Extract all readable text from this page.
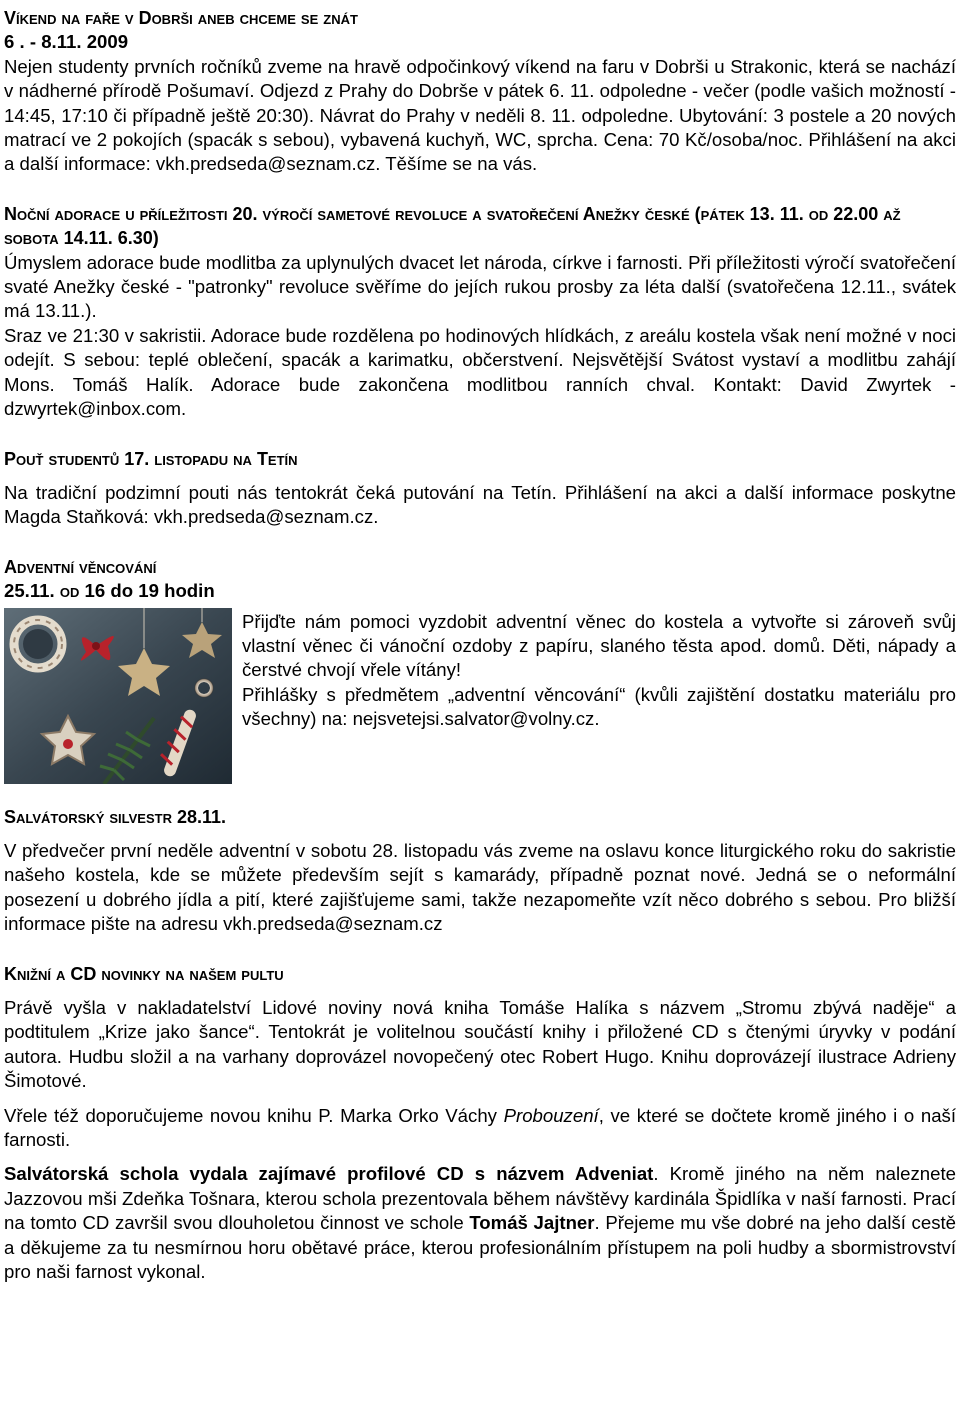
Víkend na faře v Dobrši aneb chceme se znát
6 . - 8.11. 2009

Nejen studenty prvních ročníků zveme na hravě odpočinkový víkend na faru v Dobrši u Strakonic, která se nachází v nádherné přírodě Pošumaví. Odjezd z Prahy do Dobrše v pátek 6. 11. odpoledne - večer (podle vašich možností - 14:45, 17:10 či případně ještě 20:30). Návrat do Prahy v neděli 8. 11. odpoledne. Ubytování: 3 postele a 20 nových matrací ve 2 pokojích (spacák s sebou), vybavená kuchyň, WC, sprcha. Cena: 70 Kč/osoba/noc. Přihlášení na akci a další informace: vkh.predseda@seznam.cz. Těšíme se na vás.

Noční adorace u příležitosti 20. výročí sametové revoluce a svatořečení Anežky české (pátek 13. 11. od 22.00 až sobota 14.11. 6.30)

Úmyslem adorace bude modlitba za uplynulých dvacet let národa, církve i farnosti. Při příležitosti výročí svatořečení svaté Anežky české - "patronky" revoluce svěříme do jejích rukou prosby za léta další (svatořečena 12.11., svátek má 13.11.).

Sraz ve 21:30 v sakristii. Adorace bude rozdělena po hodinových hlídkách, z areálu kostela však není možné v noci odejít. S sebou: teplé oblečení, spacák a karimatku, občerstvení. Nejsvětější Svátost vystaví a modlitbu zahájí Mons. Tomáš Halík. Adorace bude zakončena modlitbou ranních chval. Kontakt: David Zwyrtek - dzwyrtek@inbox.com.

Pouť studentů 17. listopadu na Tetín

Na tradiční podzimní pouti nás tentokrát čeká putování na Tetín. Přihlášení na akci a další informace poskytne Magda Staňková: vkh.predseda@seznam.cz.

Adventní věncování
25.11. od 16 do 19 hodin

Přijďte nám pomoci vyzdobit adventní věnec do kostela a vytvořte si zároveň svůj vlastní věnec či vánoční ozdoby z papíru, slaného těsta apod. domů. Děti, nápady a čerstvé chvojí vřele vítány!

Přihlášky s předmětem „adventní věncování“ (kvůli zajištění dostatku materiálu pro všechny) na: nejsvetejsi.salvator@volny.cz.

Salvátorský silvestr 28.11.

V předvečer první neděle adventní v sobotu 28. listopadu vás zveme na oslavu konce liturgického roku do sakristie našeho kostela, kde se můžete především sejít s kamarády, případně poznat nové. Jedná se o neformální posezení u dobrého jídla a pití, které zajišťujeme sami, takže nezapomeňte vzít něco dobrého s sebou. Pro bližší informace pište na adresu vkh.predseda@seznam.cz

Knižní a CD novinky na našem pultu

Právě vyšla v nakladatelství Lidové noviny nová kniha Tomáše Halíka s názvem „Stromu zbývá naděje“ a podtitulem „Krize jako šance“. Tentokrát je volitelnou součástí knihy i přiložené CD s čtenými úryvky v podání autora. Hudbu složil a na varhany doprovázel novopečený otec Robert Hugo. Knihu doprovázejí ilustrace Adrieny Šimotové.

Vřele též doporučujeme novou knihu P. Marka Orko Váchy Probouzení, ve které se dočtete kromě jiného i o naší farnosti.

Salvátorská schola vydala zajímavé profilové CD s názvem Adveniat. Kromě jiného na něm naleznete Jazzovou mši Zdeňka Tošnara, kterou schola prezentovala během návštěvy kardinála Špidlíka v naší farnosti. Prací na tomto CD završil svou dlouholetou činnost ve schole Tomáš Jajtner. Přejeme mu vše dobré na jeho další cestě a děkujeme za tu nesmírnou horu obětavé práce, kterou profesionálním přístupem na poli hudby a sbormistrovství pro naši farnost vykonal.
